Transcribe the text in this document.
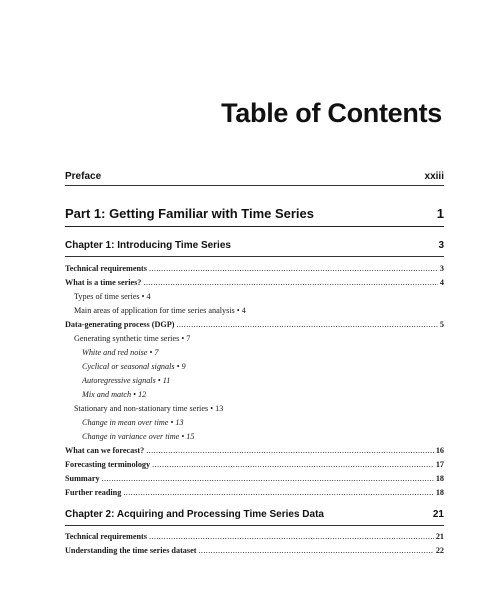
Table of Contents
Preface	xxiii
Part 1: Getting Familiar with Time Series	1
Chapter 1: Introducing Time Series	3
Technical requirements .....	3
What is a time series? .....	4
Types of time series • 4
Main areas of application for time series analysis • 4
Data-generating process (DGP) .....	5
Generating synthetic time series • 7
White and red noise • 7
Cyclical or seasonal signals • 9
Autoregressive signals • 11
Mix and match • 12
Stationary and non-stationary time series • 13
Change in mean over time • 13
Change in variance over time • 15
What can we forecast? .....	16
Forecasting terminology .....	17
Summary .....	18
Further reading .....	18
Chapter 2: Acquiring and Processing Time Series Data	21
Technical requirements .....	21
Understanding the time series dataset .....	22
